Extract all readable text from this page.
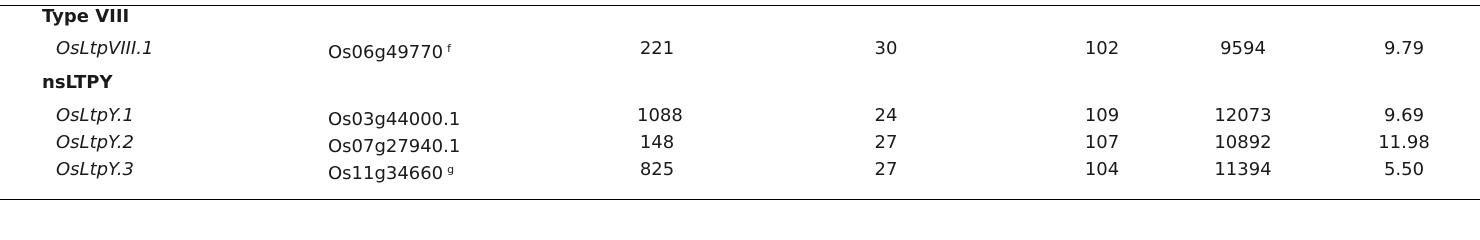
Type VIII
OsLtpVIII.1	Os06g49770 $^f$	221	30	102	9594	9.79
nsLTPY
OsLtpY.1	Os03g44000.1	1088	24	109	12073	9.69
OsLtpY.2	Os07g27940.1	148	27	107	10892	11.98
OsLtpY.3	Os11g34660 $^g$	825	27	104	11394	5.50
